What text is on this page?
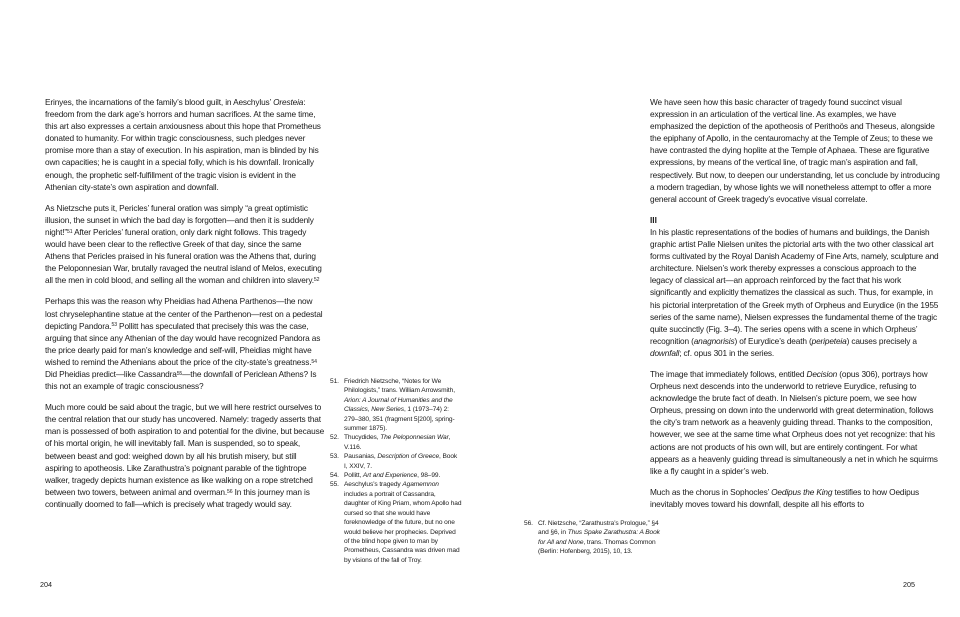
Erinyes, the incarnations of the family’s blood guilt, in Aeschylus’ Oresteia: freedom from the dark age’s horrors and human sacrifices. At the same time, this art also expresses a certain anxiousness about this hope that Prometheus donated to humanity. For within tragic consciousness, such pledges never promise more than a stay of execution. In his aspiration, man is blinded by his own capacities; he is caught in a special folly, which is his downfall. Ironically enough, the prophetic self-fulfillment of the tragic vision is evident in the Athenian city-state’s own aspiration and downfall.

As Nietzsche puts it, Pericles’ funeral oration was simply “a great optimistic illusion, the sunset in which the bad day is forgotten—and then it is suddenly night!”$^{51}$ After Pericles’ funeral oration, only dark night follows. This tragedy would have been clear to the reflective Greek of that day, since the same Athens that Pericles praised in his funeral oration was the Athens that, during the Peloponnesian War, brutally ravaged the neutral island of Melos, executing all the men in cold blood, and selling all the woman and children into slavery.$^{52}$

Perhaps this was the reason why Pheidias had Athena Parthenos—the now lost chryselephantine statue at the center of the Parthenon—rest on a pedestal depicting Pandora.$^{53}$ Pollitt has speculated that precisely this was the case, arguing that since any Athenian of the day would have recognized Pandora as the price dearly paid for man’s knowledge and self-will, Pheidias might have wished to remind the Athenians about the price of the city-state’s greatness.$^{54}$ Did Pheidias predict—like Cassandra$^{55}$—the downfall of Periclean Athens? Is this not an example of tragic consciousness?

Much more could be said about the tragic, but we will here restrict ourselves to the central relation that our study has uncovered. Namely: tragedy asserts that man is possessed of both aspiration to and potential for the divine, but because of his mortal origin, he will inevitably fall. Man is suspended, so to speak, between beast and god: weighed down by all his brutish misery, but still aspiring to apotheosis. Like Zarathustra’s poignant parable of the tightrope walker, tragedy depicts human existence as like walking on a rope stretched between two towers, between animal and overman.$^{56}$ In this journey man is continually doomed to fall—which is precisely what tragedy would say.

51. Friedrich Nietzsche, “Notes for We Philologists,” trans. William Arrowsmith, Arion: A Journal of Humanities and the Classics, New Series, 1 (1973–74) 2: 279–380, 351 (fragment 5[200], spring-summer 1875).
52. Thucydides, The Peloponnesian War, V.116.
53. Pausanias, Description of Greece, Book I, XXIV, 7.
54. Pollitt, Art and Experience, 98–99.
55. Aeschylus’s tragedy Agamemnon includes a portrait of Cassandra, daughter of King Priam, whom Apollo had cursed so that she would have foreknowledge of the future, but no one would believe her prophecies. Deprived of the blind hope given to man by Prometheus, Cassandra was driven mad by visions of the fall of Troy.
56. Cf. Nietzsche, “Zarathustra’s Prologue,” §4 and §6, in Thus Spake Zarathustra: A Book for All and None, trans. Thomas Common (Berlin: Hofenberg, 2015), 10, 13.

We have seen how this basic character of tragedy found succinct visual expression in an articulation of the vertical line. As examples, we have emphasized the depiction of the apotheosis of Perithoös and Theseus, alongside the epiphany of Apollo, in the centauromachy at the Temple of Zeus; to these we have contrasted the dying hoplite at the Temple of Aphaea. These are figurative expressions, by means of the vertical line, of tragic man’s aspiration and fall, respectively. But now, to deepen our understanding, let us conclude by introducing a modern tragedian, by whose lights we will nonetheless attempt to offer a more general account of Greek tragedy’s evocative visual correlate.

III

In his plastic representations of the bodies of humans and buildings, the Danish graphic artist Palle Nielsen unites the pictorial arts with the two other classical art forms cultivated by the Royal Danish Academy of Fine Arts, namely, sculpture and architecture. Nielsen’s work thereby expresses a conscious approach to the legacy of classical art—an approach reinforced by the fact that his work significantly and explicitly thematizes the classical as such. Thus, for example, in his pictorial interpretation of the Greek myth of Orpheus and Eurydice (in the 1955 series of the same name), Nielsen expresses the fundamental theme of the tragic quite succinctly (Fig. 3–4). The series opens with a scene in which Orpheus’ recognition (anagnorisis) of Eurydice’s death (peripeteia) causes precisely a downfall; cf. opus 301 in the series.

The image that immediately follows, entitled Decision (opus 306), portrays how Orpheus next descends into the underworld to retrieve Eurydice, refusing to acknowledge the brute fact of death. In Nielsen’s picture poem, we see how Orpheus, pressing on down into the underworld with great determination, follows the city’s tram network as a heavenly guiding thread. Thanks to the composition, however, we see at the same time what Orpheus does not yet recognize: that his actions are not products of his own will, but are entirely contingent. For what appears as a heavenly guiding thread is simultaneously a net in which he squirms like a fly caught in a spider’s web.

Much as the chorus in Sophocles’ Oedipus the King testifies to how Oedipus inevitably moves toward his downfall, despite all his efforts to

204	205
